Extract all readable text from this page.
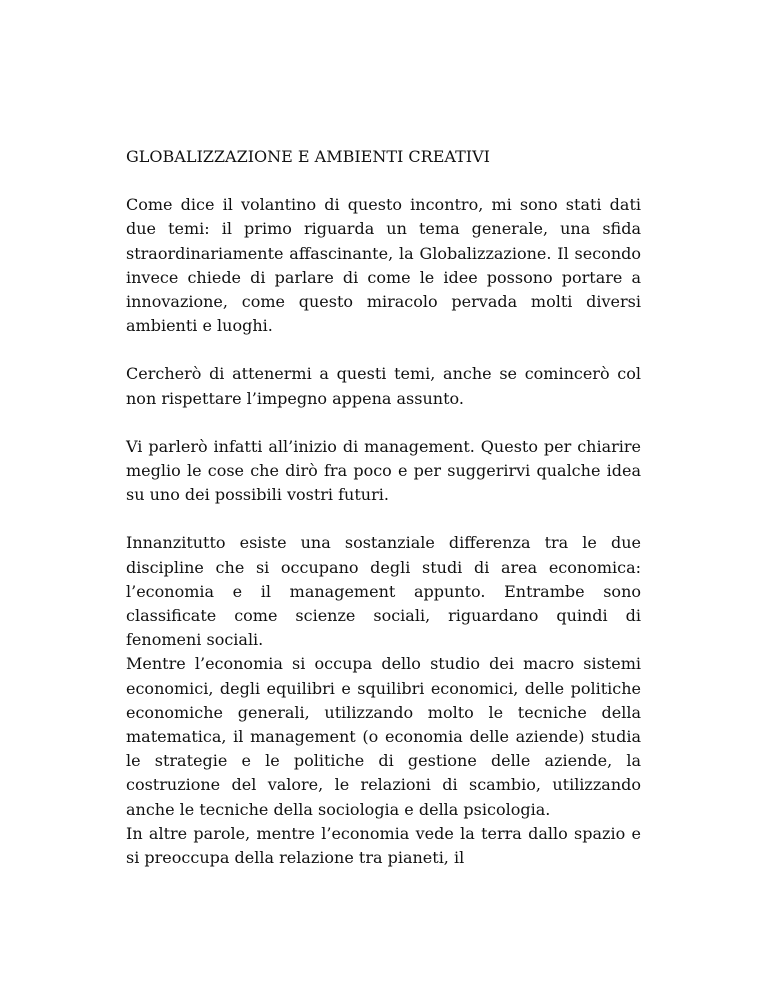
GLOBALIZZAZIONE E AMBIENTI CREATIVI

Come dice il volantino di questo incontro, mi sono stati dati due temi: il primo riguarda un tema generale, una sfida straordinariamente affascinante, la Globalizzazione. Il secondo invece chiede di parlare di come le idee possono portare a innovazione, come questo miracolo pervada molti diversi ambienti e luoghi.

Cercherò di attenermi a questi temi, anche se comincerò col non rispettare l’impegno appena assunto.

Vi parlerò infatti all’inizio di management. Questo per chiarire meglio le cose che dirò fra poco e per suggerirvi qualche idea su uno dei possibili vostri futuri.

Innanzitutto esiste una sostanziale differenza tra le due discipline che si occupano degli studi di area economica: l’economia e il management appunto. Entrambe sono classificate come scienze sociali, riguardano quindi di fenomeni sociali.

Mentre l’economia si occupa dello studio dei macro sistemi economici, degli equilibri e squilibri economici, delle politiche economiche generali, utilizzando molto le tecniche della matematica, il management (o economia delle aziende) studia le strategie e le politiche di gestione delle aziende, la costruzione del valore, le relazioni di scambio, utilizzando anche le tecniche della sociologia e della psicologia.

In altre parole, mentre l’economia vede la terra dallo spazio e si preoccupa della relazione tra pianeti, il
